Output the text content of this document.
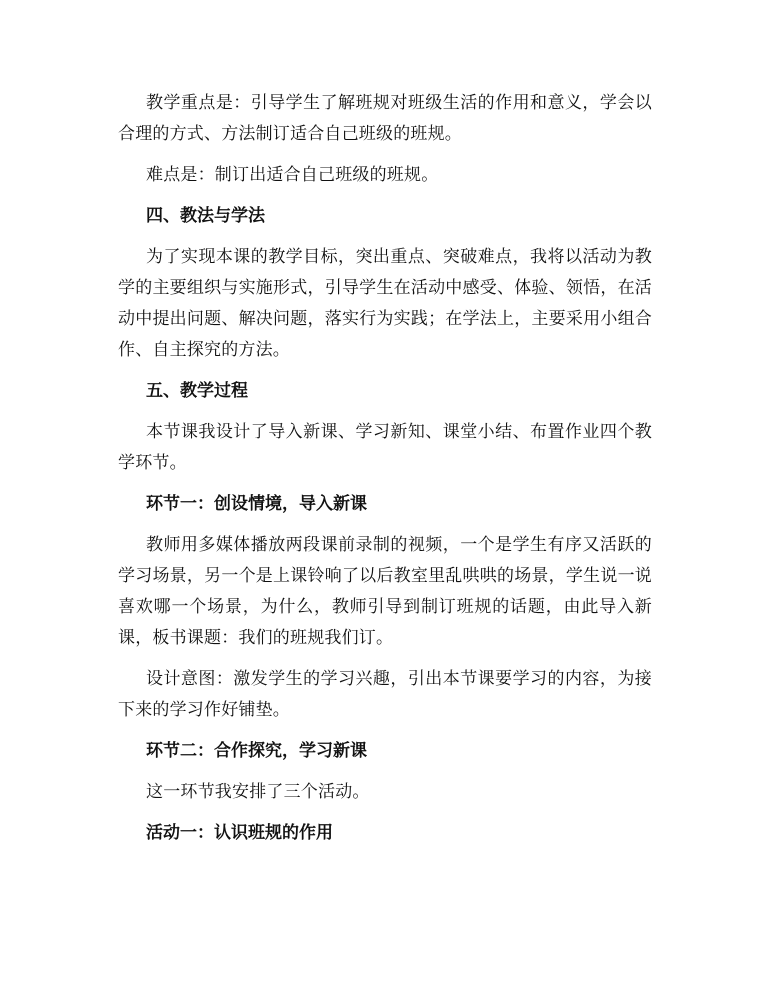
教学重点是：引导学生了解班规对班级生活的作用和意义，学会以合理的方式、方法制订适合自己班级的班规。

难点是：制订出适合自己班级的班规。

四、教法与学法

为了实现本课的教学目标，突出重点、突破难点，我将以活动为教学的主要组织与实施形式，引导学生在活动中感受、体验、领悟，在活动中提出问题、解决问题，落实行为实践；在学法上，主要采用小组合作、自主探究的方法。

五、教学过程

本节课我设计了导入新课、学习新知、课堂小结、布置作业四个教学环节。

环节一：创设情境，导入新课

教师用多媒体播放两段课前录制的视频，一个是学生有序又活跃的学习场景，另一个是上课铃响了以后教室里乱哄哄的场景，学生说一说喜欢哪一个场景，为什么，教师引导到制订班规的话题，由此导入新课，板书课题：我们的班规我们订。

设计意图：激发学生的学习兴趣，引出本节课要学习的内容，为接下来的学习作好铺垫。

环节二：合作探究，学习新课

这一环节我安排了三个活动。

活动一：认识班规的作用
